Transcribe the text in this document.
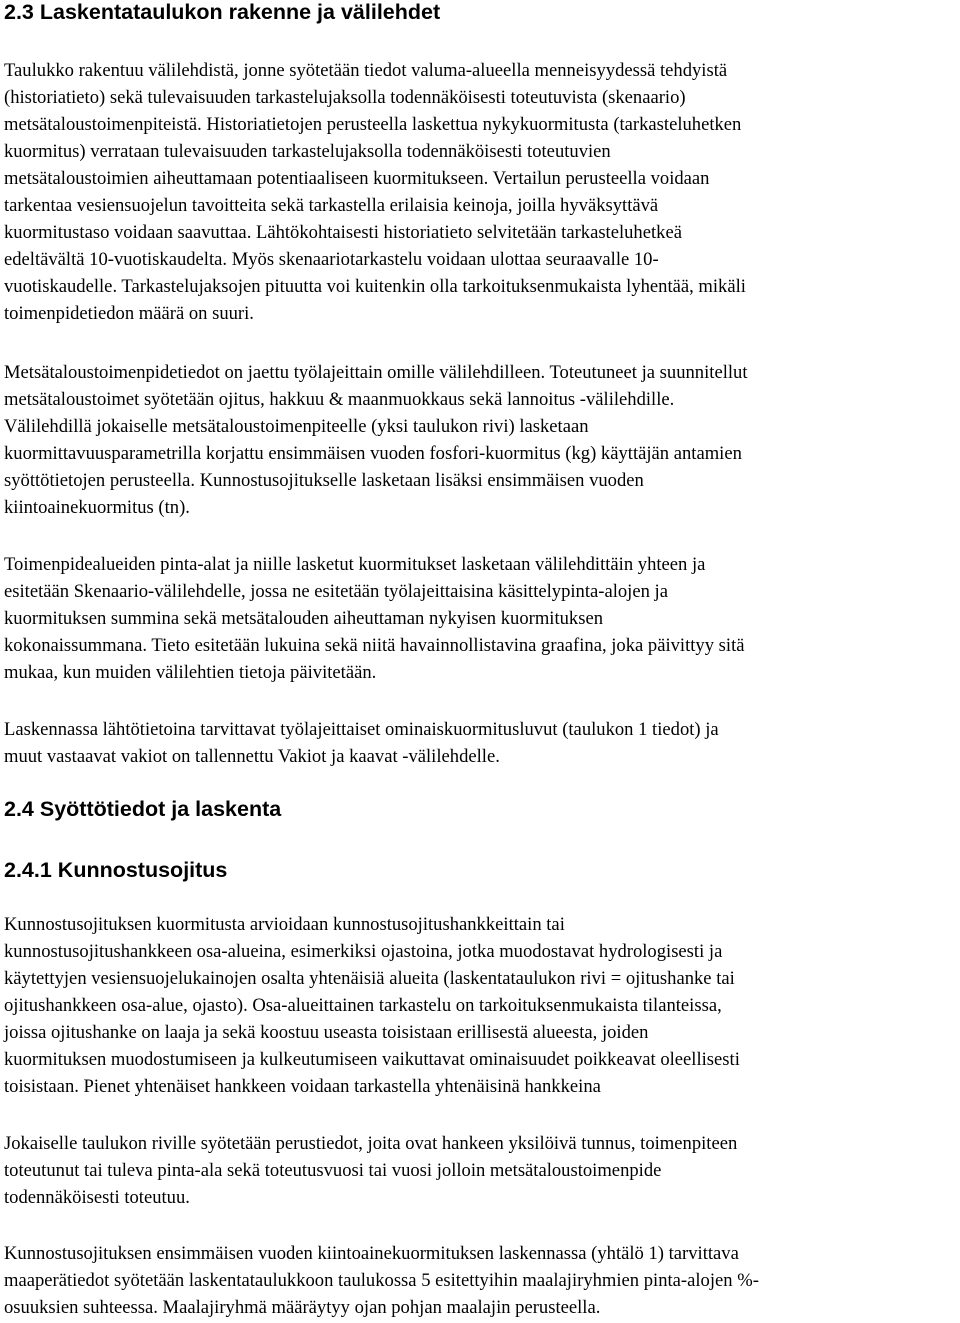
2.3 Laskentataulukon rakenne ja välilehdet

Taulukko rakentuu välilehdistä, jonne syötetään tiedot valuma-alueella menneisyydessä tehdyistä
(historiatieto) sekä tulevaisuuden tarkastelujaksolla todennäköisesti toteutuvista (skenaario)
metsätaloustoimenpiteistä. Historiatietojen perusteella laskettua nykykuormitusta (tarkasteluhetken
kuormitus) verrataan tulevaisuuden tarkastelujaksolla todennäköisesti toteutuvien
metsätaloustoimien aiheuttamaan potentiaaliseen kuormitukseen. Vertailun perusteella voidaan
tarkentaa vesiensuojelun tavoitteita sekä tarkastella erilaisia keinoja, joilla hyväksyttävä
kuormitustaso voidaan saavuttaa. Lähtökohtaisesti historiatieto selvitetään tarkasteluhetkeä
edeltävältä 10-vuotiskaudelta. Myös skenaariotarkastelu voidaan ulottaa seuraavalle 10-
vuotiskaudelle. Tarkastelujaksojen pituutta voi kuitenkin olla tarkoituksenmukaista lyhentää, mikäli
toimenpidetiedon määrä on suuri.

Metsätaloustoimenpidetiedot on jaettu työlajeittain omille välilehdilleen. Toteutuneet ja suunnitellut
metsätaloustoimet syötetään ojitus, hakkuu & maanmuokkaus sekä lannoitus -välilehdille.
Välilehdillä jokaiselle metsätaloustoimenpiteelle (yksi taulukon rivi) lasketaan
kuormittavuusparametrilla korjattu ensimmäisen vuoden fosfori-kuormitus (kg) käyttäjän antamien
syöttötietojen perusteella. Kunnostusojitukselle lasketaan lisäksi ensimmäisen vuoden
kiintoainekuormitus (tn).

Toimenpidealueiden pinta-alat ja niille lasketut kuormitukset lasketaan välilehdittäin yhteen ja
esitetään Skenaario-välilehdelle, jossa ne esitetään työlajeittaisina käsittelypinta-alojen ja
kuormituksen summina sekä metsätalouden aiheuttaman nykyisen kuormituksen
kokonaissummana. Tieto esitetään lukuina sekä niitä havainnollistavina graafina, joka päivittyy sitä
mukaa, kun muiden välilehtien tietoja päivitetään.

Laskennassa lähtötietoina tarvittavat työlajeittaiset ominaiskuormitusluvut (taulukon 1 tiedot) ja
muut vastaavat vakiot on tallennettu Vakiot ja kaavat -välilehdelle.

2.4 Syöttötiedot ja laskenta
2.4.1 Kunnostusojitus

Kunnostusojituksen kuormitusta arvioidaan kunnostusojitushankkeittain tai
kunnostusojitushankkeen osa-alueina, esimerkiksi ojastoina, jotka muodostavat hydrologisesti ja
käytettyjen vesiensuojelukainojen osalta yhtenäisiä alueita (laskentataulukon rivi = ojitushanke tai
ojitushankkeen osa-alue, ojasto). Osa-alueittainen tarkastelu on tarkoituksenmukaista tilanteissa,
joissa ojitushanke on laaja ja sekä koostuu useasta toisistaan erillisestä alueesta, joiden
kuormituksen muodostumiseen ja kulkeutumiseen vaikuttavat ominaisuudet poikkeavat oleellisesti
toisistaan. Pienet yhtenäiset hankkeen voidaan tarkastella yhtenäisinä hankkeina

Jokaiselle taulukon riville syötetään perustiedot, joita ovat hankeen yksilöivä tunnus, toimenpiteen
toteutunut tai tuleva pinta-ala sekä toteutusvuosi tai vuosi jolloin metsätaloustoimenpide
todennäköisesti toteutuu.

Kunnostusojituksen ensimmäisen vuoden kiintoainekuormituksen laskennassa (yhtälö 1) tarvittava
maaperätiedot syötetään laskentataulukkoon taulukossa 5 esitettyihin maalajiryhmien pinta-alojen %-
osuuksien suhteessa. Maalajiryhmä määräytyy ojan pohjan maalajin perusteella.
